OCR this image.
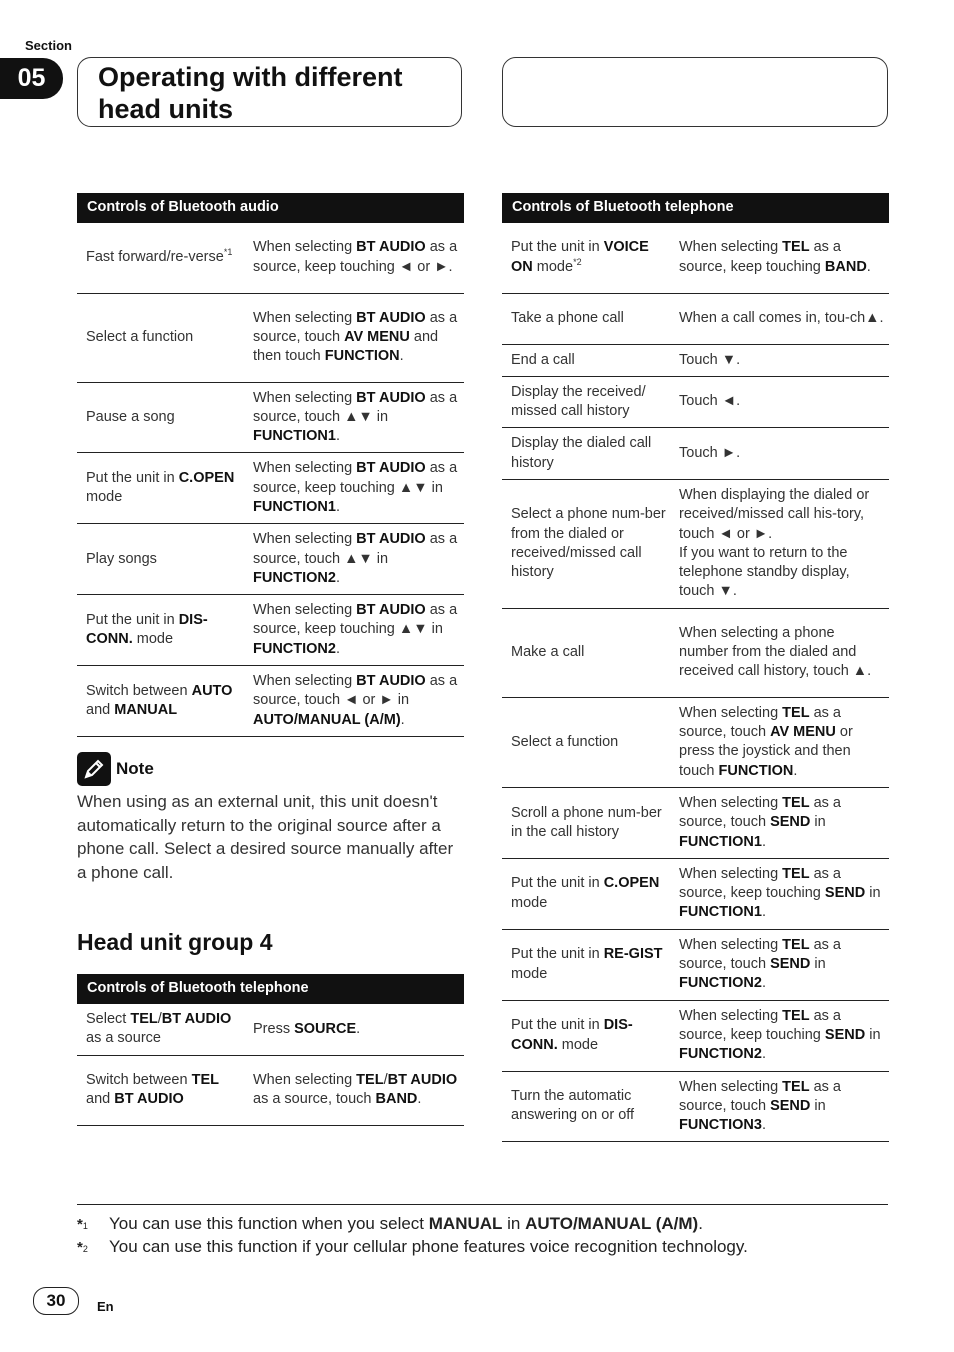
Section
05	Operating with different
head units
Controls of Bluetooth audio	
Fast forward/re-verse$^{*1}$	When selecting BT AUDIO as a source, keep touching ◄ or ►.
Select a function	When selecting BT AUDIO as a source, touch AV MENU and then touch FUNCTION.
Pause a song	When selecting BT AUDIO as a source, touch ▲▼ in FUNCTION1.
Put the unit in C.OPEN mode	When selecting BT AUDIO as a source, keep touching ▲▼ in FUNCTION1.
Play songs	When selecting BT AUDIO as a source, touch ▲▼ in FUNCTION2.
Put the unit in DIS-CONN. mode	When selecting BT AUDIO as a source, keep touching ▲▼ in FUNCTION2.
Switch between AUTO and MANUAL	When selecting BT AUDIO as a source, touch ◄ or ► in AUTO/MANUAL (A/M).
Note
When using as an external unit, this unit doesn't automatically return to the original source after a phone call. Select a desired source manually after a phone call.
Head unit group 4
Controls of Bluetooth telephone	
Select TEL/BT AUDIO as a source	Press SOURCE.
Switch between TEL and BT AUDIO	When selecting TEL/BT AUDIO as a source, touch BAND.
Controls of Bluetooth telephone	
Put the unit in VOICE ON mode$^{*2}$	When selecting TEL as a source, keep touching BAND.
Take a phone call	When a call comes in, tou-ch▲.
End a call	Touch ▼.
Display the received/ missed call history	Touch ◄.
Display the dialed call history	Touch ►.
Select a phone num-ber from the dialed or received/missed call history	When displaying the dialed or received/missed call his-tory, touch ◄ or ►.
If you want to return to the telephone standby display, touch ▼.
Make a call	When selecting a phone number from the dialed and received call history, touch ▲.
Select a function	When selecting TEL as a source, touch AV MENU or press the joystick and then touch FUNCTION.
Scroll a phone num-ber in the call history	When selecting TEL as a source, touch SEND in FUNCTION1.
Put the unit in C.OPEN mode	When selecting TEL as a source, keep touching SEND in FUNCTION1.
Put the unit in RE-GIST mode	When selecting TEL as a source, touch SEND in FUNCTION2.
Put the unit in DIS-CONN. mode	When selecting TEL as a source, keep touching SEND in FUNCTION2.
Turn the automatic answering on or off	When selecting TEL as a source, touch SEND in FUNCTION3.
*1 You can use this function when you select MANUAL in AUTO/MANUAL (A/M).
*2 You can use this function if your cellular phone features voice recognition technology.
30	En
